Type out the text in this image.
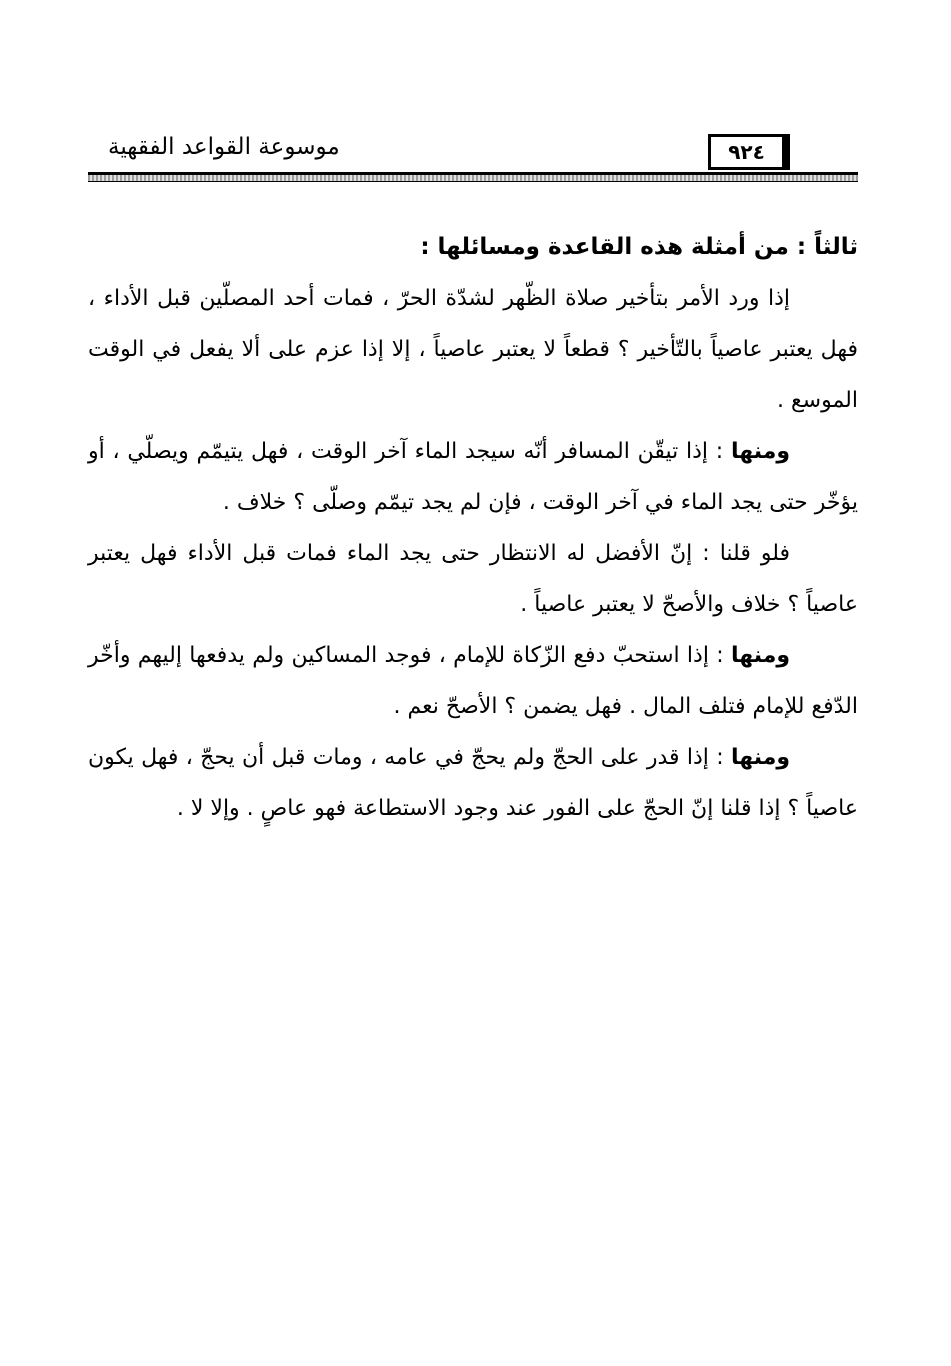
موسوعة القواعد الفقهية	٩٢٤

ثالثاً : من أمثلة هذه القاعدة ومسائلها :

إذا ورد الأمر بتأخير صلاة الظّهر لشدّة الحرّ ، فمات أحد المصلّين قبل الأداء ، فهل يعتبر عاصياً بالتّأخير ؟ قطعاً لا يعتبر عاصياً ، إلا إذا عزم على ألا يفعل في الوقت الموسع .

ومنها : إذا تيقّن المسافر أنّه سيجد الماء آخر الوقت ، فهل يتيمّم ويصلّي ، أو يؤخّر حتى يجد الماء في آخر الوقت ، فإن لم يجد تيمّم وصلّى ؟ خلاف .

فلو قلنا : إنّ الأفضل له الانتظار حتى يجد الماء فمات قبل الأداء فهل يعتبر عاصياً ؟ خلاف والأصحّ لا يعتبر عاصياً .

ومنها : إذا استحبّ دفع الزّكاة للإمام ، فوجد المساكين ولم يدفعها إليهم وأخّر الدّفع للإمام فتلف المال . فهل يضمن ؟ الأصحّ نعم .

ومنها : إذا قدر على الحجّ ولم يحجّ في عامه ، ومات قبل أن يحجّ ، فهل يكون عاصياً ؟ إذا قلنا إنّ الحجّ على الفور عند وجود الاستطاعة فهو عاصٍ . وإلا لا .
